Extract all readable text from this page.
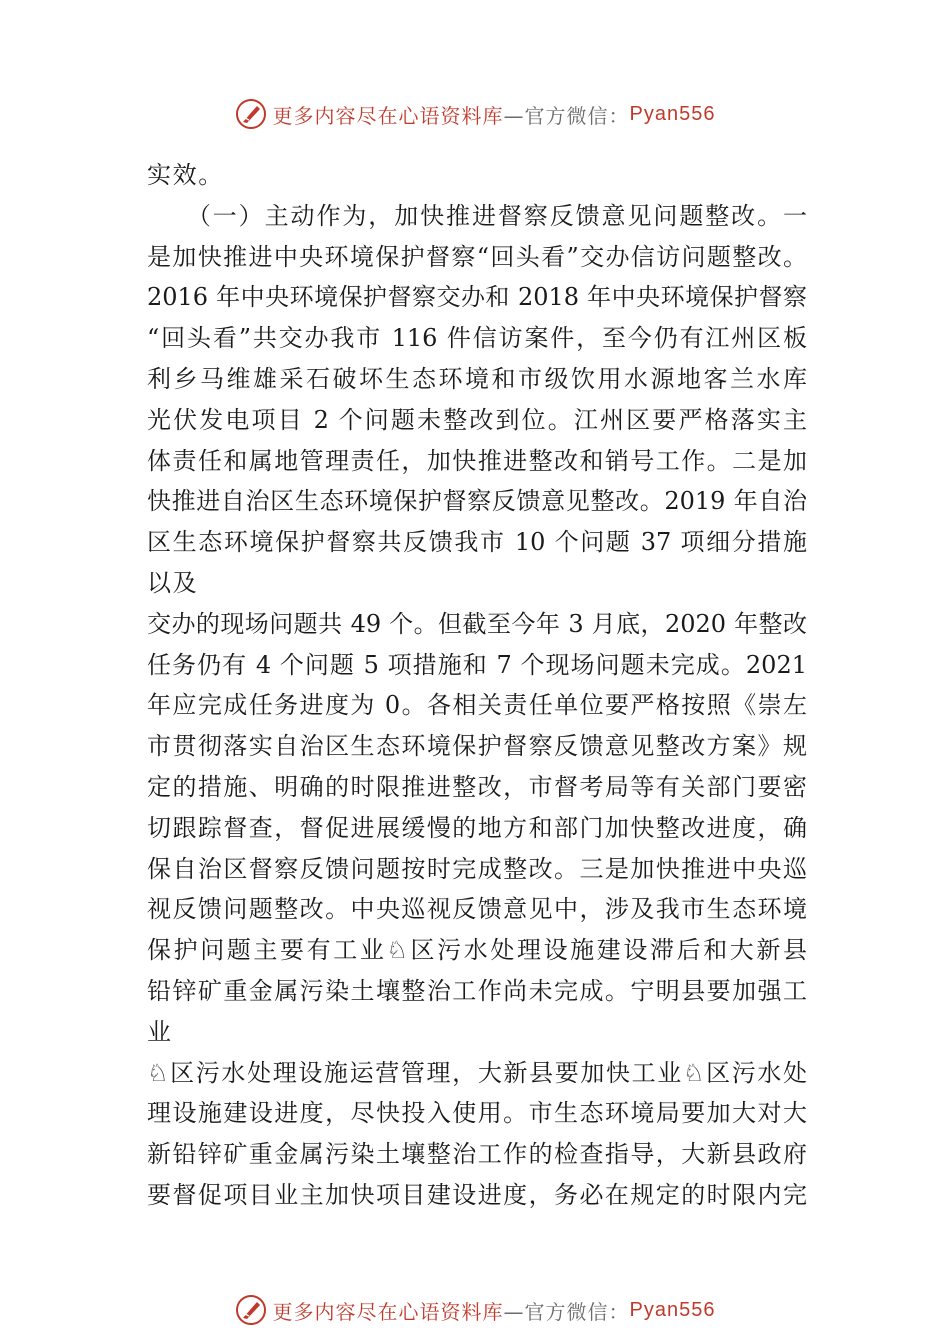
更多内容尽在心语资料库 —官方微信： Pyan556
实效。
　　（一）主动作为，加快推进督察反馈意见问题整改。一
是加快推进中央环境保护督察“回头看”交办信访问题整改。
2016 年中央环境保护督察交办和 2018 年中央环境保护督察
“回头看”共交办我市 116 件信访案件，至今仍有江州区板
利乡马维雄采石破坏生态环境和市级饮用水源地客兰水库
光伏发电项目 2 个问题未整改到位。江州区要严格落实主
体责任和属地管理责任，加快推进整改和销号工作。二是加
快推进自治区生态环境保护督察反馈意见整改。2019 年自治
区生态环境保护督察共反馈我市 10 个问题 37 项细分措施
以及
交办的现场问题共 49 个。但截至今年 3 月底，2020 年整改
任务仍有 4 个问题 5 项措施和 7 个现场问题未完成。2021
年应完成任务进度为 0。各相关责任单位要严格按照《崇左
市贯彻落实自治区生态环境保护督察反馈意见整改方案》规
定的措施、明确的时限推进整改，市督考局等有关部门要密
切跟踪督查，督促进展缓慢的地方和部门加快整改进度，确
保自治区督察反馈问题按时完成整改。三是加快推进中央巡
视反馈问题整改。中央巡视反馈意见中，涉及我市生态环境
保护问题主要有工业♘区污水处理设施建设滞后和大新县
铅锌矿重金属污染土壤整治工作尚未完成。宁明县要加强工
业
♘区污水处理设施运营管理，大新县要加快工业♘区污水处
理设施建设进度，尽快投入使用。市生态环境局要加大对大
新铅锌矿重金属污染土壤整治工作的检查指导，大新县政府
要督促项目业主加快项目建设进度，务必在规定的时限内完
更多内容尽在心语资料库 —官方微信： Pyan556
